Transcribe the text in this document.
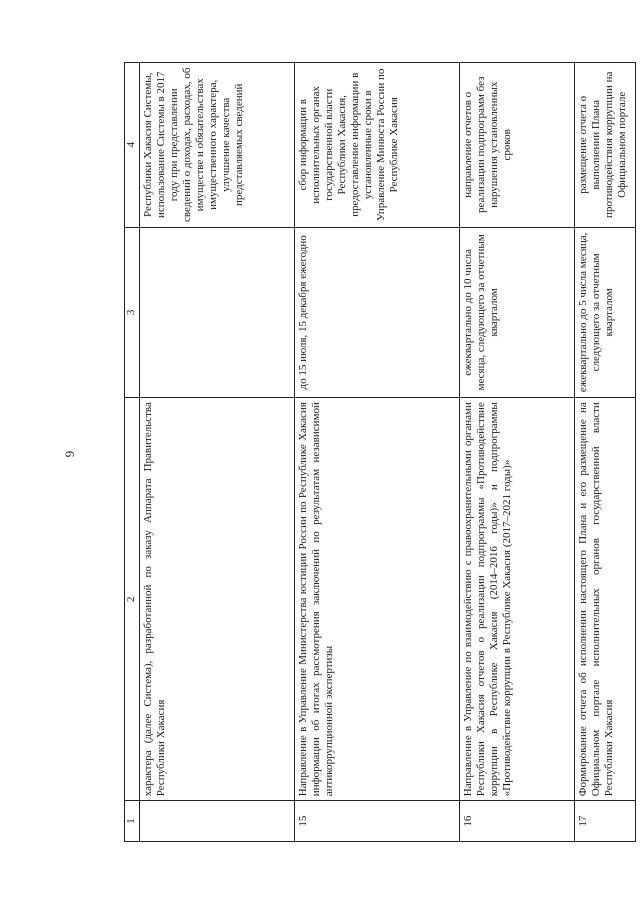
6
1	2	3	4
	характера (далее Система), разработанной по заказу Аппарата Правительства Республики Хакасия		Республики Хакасия Системы, использование Системы в 2017 году при представлении сведений о доходах, расходах, об имуществе и обязательствах имущественного характера, улучшение качества представляемых сведений
15	Направление в Управление Министерства юстиции России по Республике Хакасия информации об итогах рассмотрения заключений по результатам независимой антикоррупционной экспертизы	до 15 июля, 15 декабря ежегодно	сбор информации в исполнительных органах государственной власти Республики Хакасия, предоставление информации в установленные сроки в Управление Минюста России по Республике Хакасия
16	Направление в Управление по взаимодействию с правоохранительными органами Республики Хакасия отчетов о реализации подпрограммы «Противодействие коррупции в Республике Хакасия (2014–2016 годы)» и подпрограммы «Противодействие коррупции в Республике Хакасия (2017–2021 годы)»	ежеквартально до 10 числа месяца, следующего за отчетным кварталом	направление отчетов о реализации подпрограмм без нарушения установленных сроков
17	Формирование отчета об исполнении настоящего Плана и его размещение на Официальном портале исполнительных органов государственной власти Республики Хакасия	ежеквартально до 5 числа месяца, следующего за отчетным кварталом	размещение отчета о выполнении Плана противодействия коррупции на Официальном портале
